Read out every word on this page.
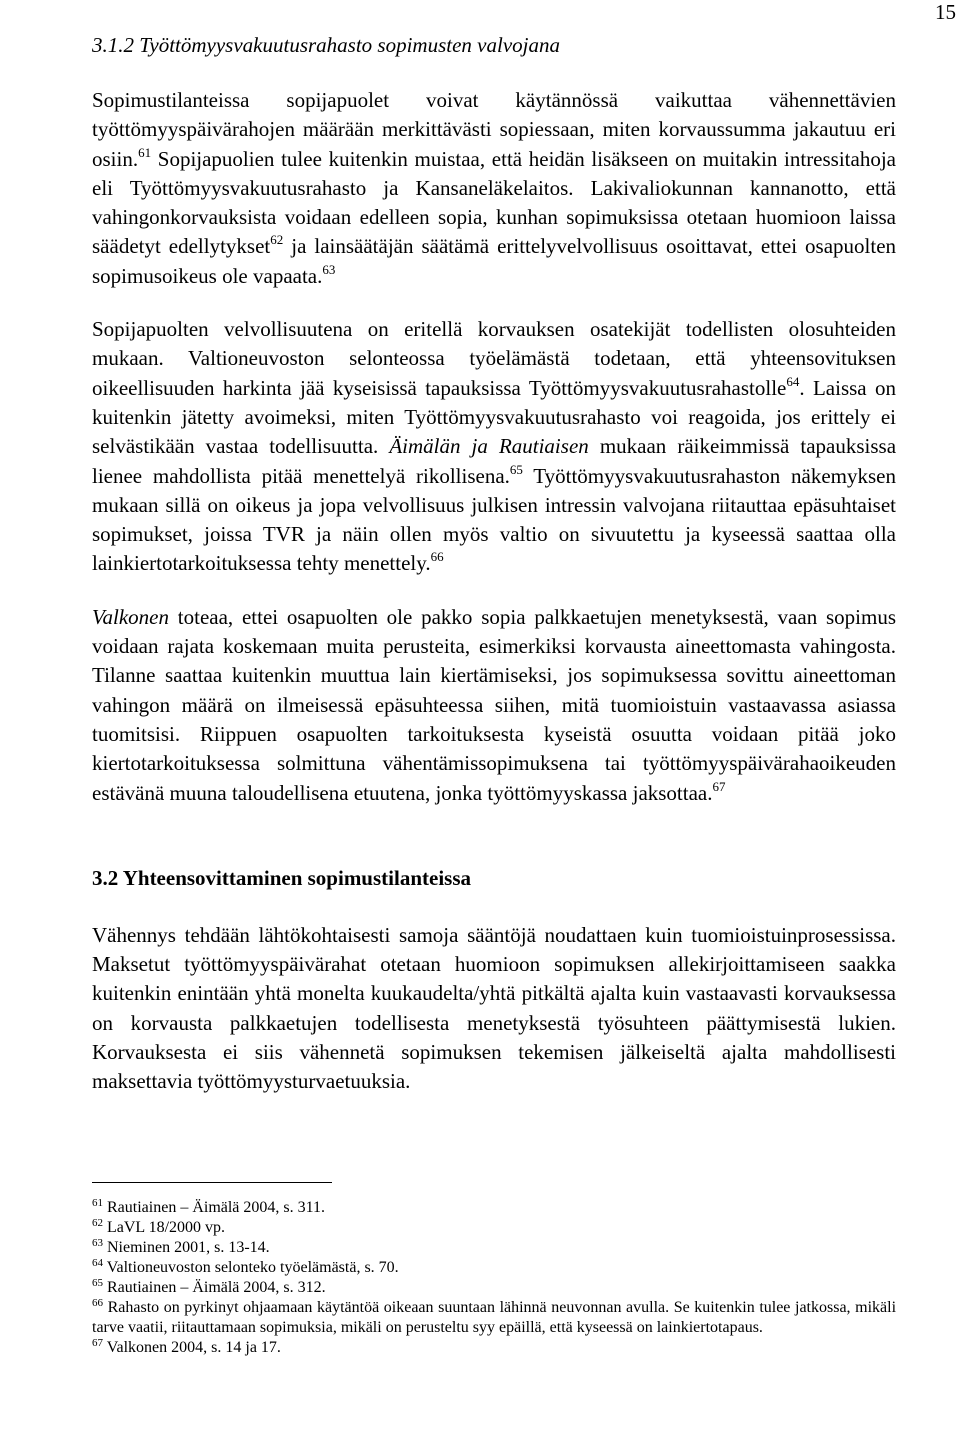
15
3.1.2 Työttömyysvakuutusrahasto sopimusten valvojana

Sopimustilanteissa sopijapuolet voivat käytännössä vaikuttaa vähennettävien työttömyyspäivärahojen määrään merkittävästi sopiessaan, miten korvaussumma jakautuu eri osiin.$^{61}$ Sopijapuolien tulee kuitenkin muistaa, että heidän lisäkseen on muitakin intressitahoja eli Työttömyysvakuutusrahasto ja Kansaneläkelaitos. Lakivaliokunnan kannanotto, että vahingonkorvauksista voidaan edelleen sopia, kunhan sopimuksissa otetaan huomioon laissa säädetyt edellytykset$^{62}$ ja lainsäätäjän säätämä erittelyvelvollisuus osoittavat, ettei osapuolten sopimusoikeus ole vapaata.$^{63}$

Sopijapuolten velvollisuutena on eritellä korvauksen osatekijät todellisten olosuhteiden mukaan. Valtioneuvoston selonteossa työelämästä todetaan, että yhteensovituksen oikeellisuuden harkinta jää kyseisissä tapauksissa Työttömyysvakuutusrahastolle$^{64}$. Laissa on kuitenkin jätetty avoimeksi, miten Työttömyysvakuutusrahasto voi reagoida, jos erittely ei selvästikään vastaa todellisuutta. Äimälän ja Rautiaisen mukaan räikeimmissä tapauksissa lienee mahdollista pitää menettelyä rikollisena.$^{65}$ Työttömyysvakuutusrahaston näkemyksen mukaan sillä on oikeus ja jopa velvollisuus julkisen intressin valvojana riitauttaa epäsuhtaiset sopimukset, joissa TVR ja näin ollen myös valtio on sivuutettu ja kyseessä saattaa olla lainkiertotarkoituksessa tehty menettely.$^{66}$

Valkonen toteaa, ettei osapuolten ole pakko sopia palkkaetujen menetyksestä, vaan sopimus voidaan rajata koskemaan muita perusteita, esimerkiksi korvausta aineettomasta vahingosta. Tilanne saattaa kuitenkin muuttua lain kiertämiseksi, jos sopimuksessa sovittu aineettoman vahingon määrä on ilmeisessä epäsuhteessa siihen, mitä tuomioistuin vastaavassa asiassa tuomitsisi. Riippuen osapuolten tarkoituksesta kyseistä osuutta voidaan pitää joko kiertotarkoituksessa solmittuna vähentämissopimuksena tai työttömyyspäivärahaoikeuden estävänä muuna taloudellisena etuutena, jonka työttömyyskassa jaksottaa.$^{67}$

3.2 Yhteensovittaminen sopimustilanteissa

Vähennys tehdään lähtökohtaisesti samoja sääntöjä noudattaen kuin tuomioistuinprosessissa. Maksetut työttömyyspäivärahat otetaan huomioon sopimuksen allekirjoittamiseen saakka kuitenkin enintään yhtä monelta kuukaudelta/yhtä pitkältä ajalta kuin vastaavasti korvauksessa on korvausta palkkaetujen todellisesta menetyksestä työsuhteen päättymisestä lukien. Korvauksesta ei siis vähennetä sopimuksen tekemisen jälkeiseltä ajalta mahdollisesti maksettavia työttömyysturvaetuuksia.

$^{61}$ Rautiainen – Äimälä 2004, s. 311.

$^{62}$ LaVL 18/2000 vp.

$^{63}$ Nieminen 2001, s. 13-14.

$^{64}$ Valtioneuvoston selonteko työelämästä, s. 70.

$^{65}$ Rautiainen – Äimälä 2004, s. 312.

$^{66}$ Rahasto on pyrkinyt ohjaamaan käytäntöä oikeaan suuntaan lähinnä neuvonnan avulla. Se kuitenkin tulee jatkossa, mikäli tarve vaatii, riitauttamaan sopimuksia, mikäli on perusteltu syy epäillä, että kyseessä on lainkiertotapaus.

$^{67}$ Valkonen 2004, s. 14 ja 17.
